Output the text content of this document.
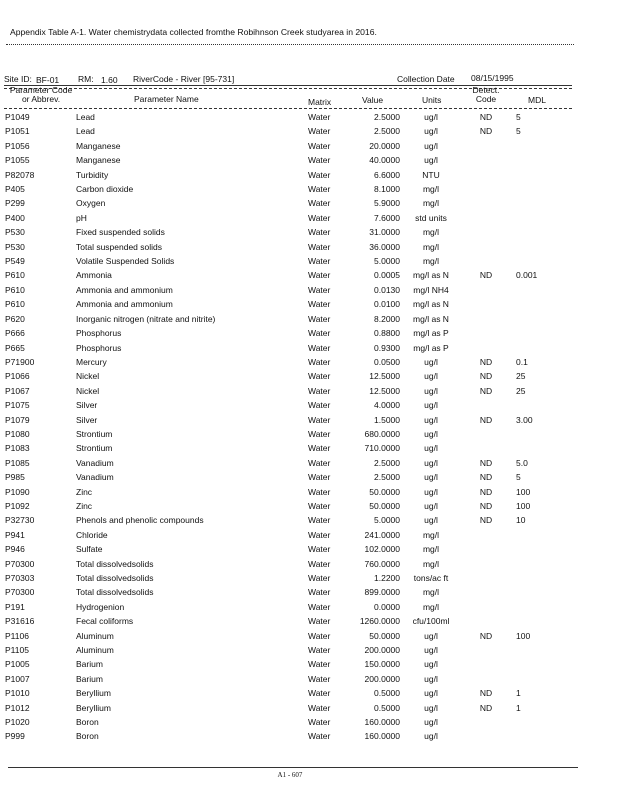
Appendix Table A-1. Water chemistrydata collected fromthe Robihnson Creek studyarea in 2016.
Site ID: BF-01 RM: 1.60 RiverCode - River [95-731]	Collection Date 08/15/1995
Parameter Code
or Abbrev.	Parameter Name	Matrix	Value	Units
Detect.
Code	MDL
P1049	Lead	Water	2.5000	ug/l	ND	5
P1051	Lead	Water	2.5000	ug/l	ND	5
P1056	Manganese	Water	20.0000	ug/l
P1055	Manganese	Water	40.0000	ug/l
P82078	Turbidity	Water	6.6000	NTU
P405	Carbon dioxide	Water	8.1000	mg/l
P299	Oxygen	Water	5.9000	mg/l
P400	pH	Water	7.6000	std units
P530	Fixed suspended solids	Water	31.0000	mg/l
P530	Total suspended solids	Water	36.0000	mg/l
P549	Volatile Suspended Solids	Water	5.0000	mg/l
P610	Ammonia	Water	0.0005	mg/l as N	ND	0.001
P610	Ammonia and ammonium	Water	0.0130	mg/l NH4
P610	Ammonia and ammonium	Water	0.0100	mg/l as N
P620	Inorganic nitrogen (nitrate and nitrite)	Water	8.2000	mg/l as N
P666	Phosphorus	Water	0.8800	mg/l as P
P665	Phosphorus	Water	0.9300	mg/l as P
P71900	Mercury	Water	0.0500	ug/l	ND	0.1
P1066	Nickel	Water	12.5000	ug/l	ND	25
P1067	Nickel	Water	12.5000	ug/l	ND	25
P1075	Silver	Water	4.0000	ug/l
P1079	Silver	Water	1.5000	ug/l	ND	3.00
P1080	Strontium	Water	680.0000	ug/l
P1083	Strontium	Water	710.0000	ug/l
P1085	Vanadium	Water	2.5000	ug/l	ND	5.0
P985	Vanadium	Water	2.5000	ug/l	ND	5
P1090	Zinc	Water	50.0000	ug/l	ND	100
P1092	Zinc	Water	50.0000	ug/l	ND	100
P32730	Phenols and phenolic compounds	Water	5.0000	ug/l	ND	10
P941	Chloride	Water	241.0000	mg/l
P946	Sulfate	Water	102.0000	mg/l
P70300	Total dissolvedsolids	Water	760.0000	mg/l
P70303	Total dissolvedsolids	Water	1.2200	tons/ac ft
P70300	Total dissolvedsolids	Water	899.0000	mg/l
P191	Hydrogenion	Water	0.0000	mg/l
P31616	Fecal coliforms	Water	1260.0000	cfu/100ml
P1106	Aluminum	Water	50.0000	ug/l	ND	100
P1105	Aluminum	Water	200.0000	ug/l
P1005	Barium	Water	150.0000	ug/l
P1007	Barium	Water	200.0000	ug/l
P1010	Beryllium	Water	0.5000	ug/l	ND	1
P1012	Beryllium	Water	0.5000	ug/l	ND	1
P1020	Boron	Water	160.0000	ug/l
P999	Boron	Water	160.0000	ug/l
A1 - 607
